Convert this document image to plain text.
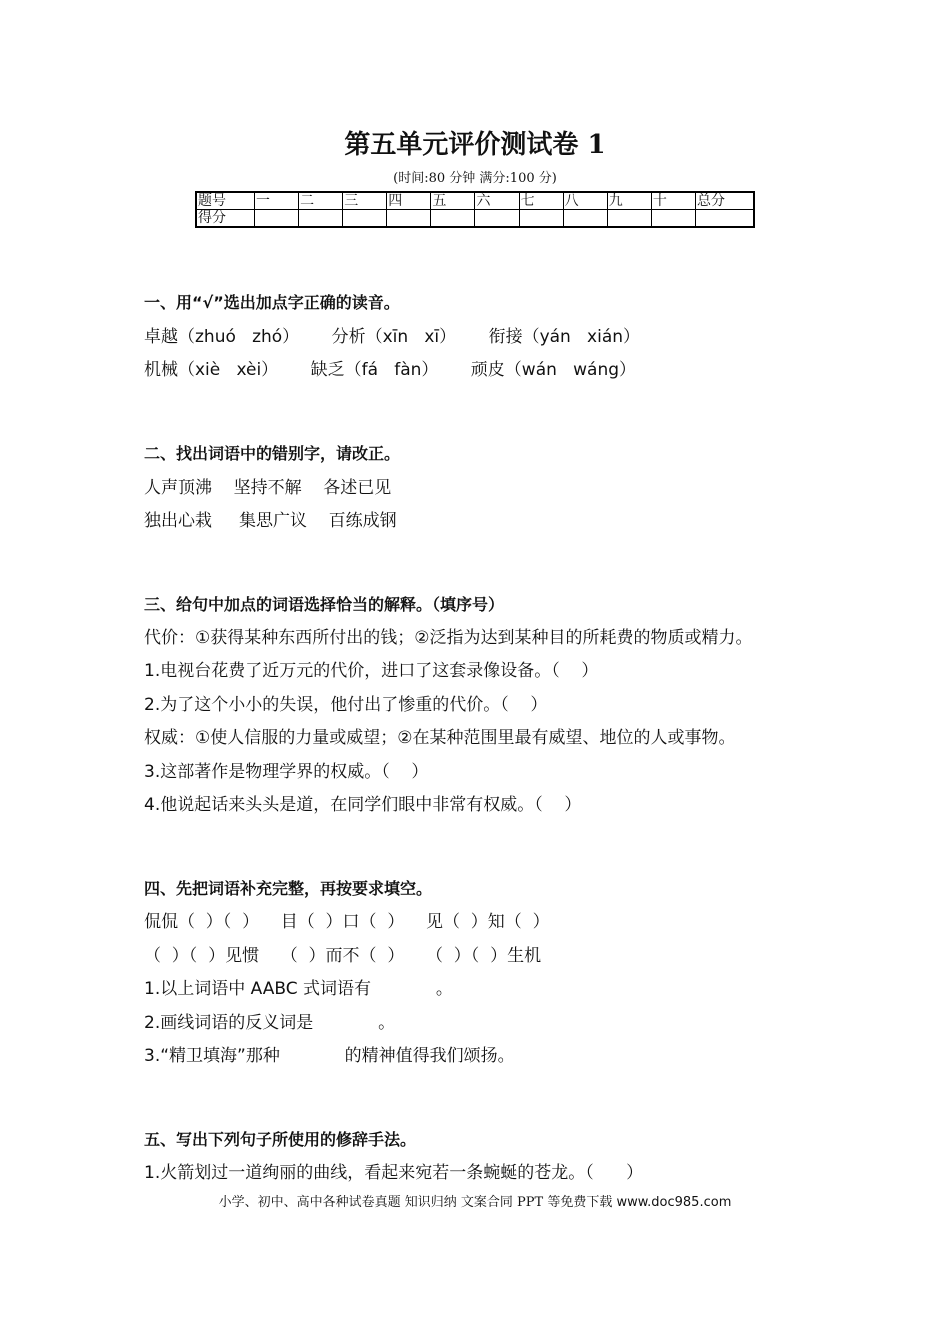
第五单元评价测试卷 1
(时间:80 分钟 满分:100 分)
题号	一	二	三	四	五	六	七	八	九	十	总分
得分											
一、用“√”选出加点字正确的读音。
卓越（zhuó   zhó）      分析（xīn   xī）      衔接（yán   xián）
机械（xiè   xèi）      缺乏（fá   fàn）      顽皮（wán   wáng）
二、找出词语中的错别字，请改正。
人声顶沸    坚持不解    各述已见
独出心栽     集思广议    百练成钢
三、给句中加点的词语选择恰当的解释。（填序号）
代价：①获得某种东西所付出的钱；②泛指为达到某种目的所耗费的物质或精力。
1.电视台花费了近万元的代价，进口了这套录像设备。（    ）
2.为了这个小小的失误，他付出了惨重的代价。（    ）
权威：①使人信服的力量或威望；②在某种范围里最有威望、地位的人或事物。
3.这部著作是物理学界的权威。（    ）
4.他说起话来头头是道，在同学们眼中非常有权威。（    ）
四、先把词语补充完整，再按要求填空。
侃侃（  ）（  ）    目（  ）口（  ）    见（  ）知（  ）
（  ）（  ）见惯    （  ）而不（  ）    （  ）（  ）生机
1.以上词语中 AABC 式词语有            。
2.画线词语的反义词是            。
3.“精卫填海”那种            的精神值得我们颂扬。
五、写出下列句子所使用的修辞手法。
1.火箭划过一道绚丽的曲线，看起来宛若一条蜿蜒的苍龙。（      ）
小学、初中、高中各种试卷真题 知识归纳 文案合同 PPT 等免费下载 www.doc985.com
